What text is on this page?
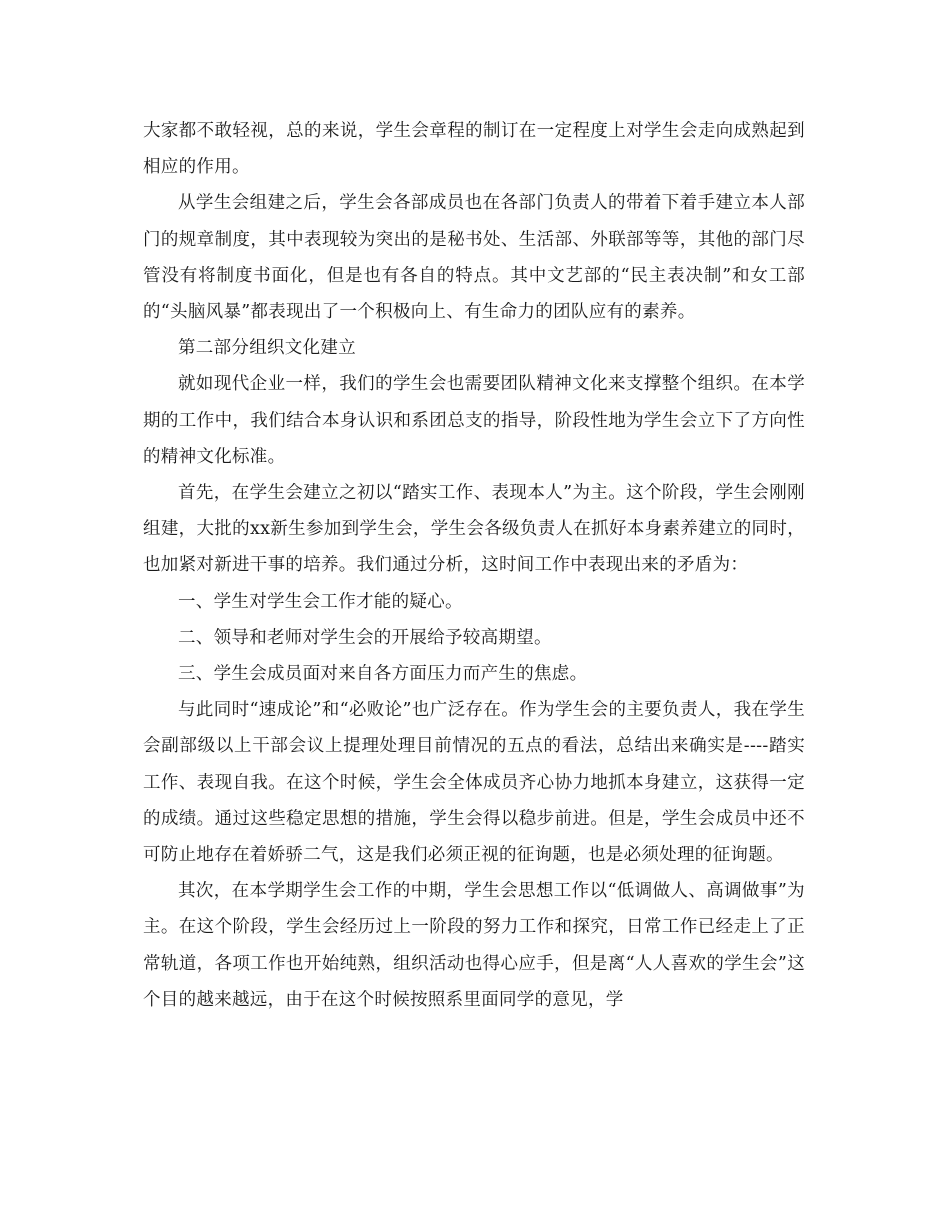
大家都不敢轻视，总的来说，学生会章程的制订在一定程度上对学生会走向成熟起到相应的作用。

从学生会组建之后，学生会各部成员也在各部门负责人的带着下着手建立本人部门的规章制度，其中表现较为突出的是秘书处、生活部、外联部等等，其他的部门尽管没有将制度书面化，但是也有各自的特点。其中文艺部的“民主表决制”和女工部的“头脑风暴”都表现出了一个积极向上、有生命力的团队应有的素养。

第二部分组织文化建立

就如现代企业一样，我们的学生会也需要团队精神文化来支撑整个组织。在本学期的工作中，我们结合本身认识和系团总支的指导，阶段性地为学生会立下了方向性的精神文化标准。

首先，在学生会建立之初以“踏实工作、表现本人”为主。这个阶段，学生会刚刚组建，大批的xx新生参加到学生会，学生会各级负责人在抓好本身素养建立的同时，也加紧对新进干事的培养。我们通过分析，这时间工作中表现出来的矛盾为：

一、学生对学生会工作才能的疑心。

二、领导和老师对学生会的开展给予较高期望。

三、学生会成员面对来自各方面压力而产生的焦虑。

与此同时“速成论”和“必败论”也广泛存在。作为学生会的主要负责人，我在学生会副部级以上干部会议上提理处理目前情况的五点的看法，总结出来确实是----踏实工作、表现自我。在这个时候，学生会全体成员齐心协力地抓本身建立，这获得一定的成绩。通过这些稳定思想的措施，学生会得以稳步前进。但是，学生会成员中还不可防止地存在着娇骄二气，这是我们必须正视的征询题，也是必须处理的征询题。

其次，在本学期学生会工作的中期，学生会思想工作以“低调做人、高调做事”为主。在这个阶段，学生会经历过上一阶段的努力工作和探究，日常工作已经走上了正常轨道，各项工作也开始纯熟，组织活动也得心应手，但是离“人人喜欢的学生会”这个目的越来越远，由于在这个时候按照系里面同学的意见，学
